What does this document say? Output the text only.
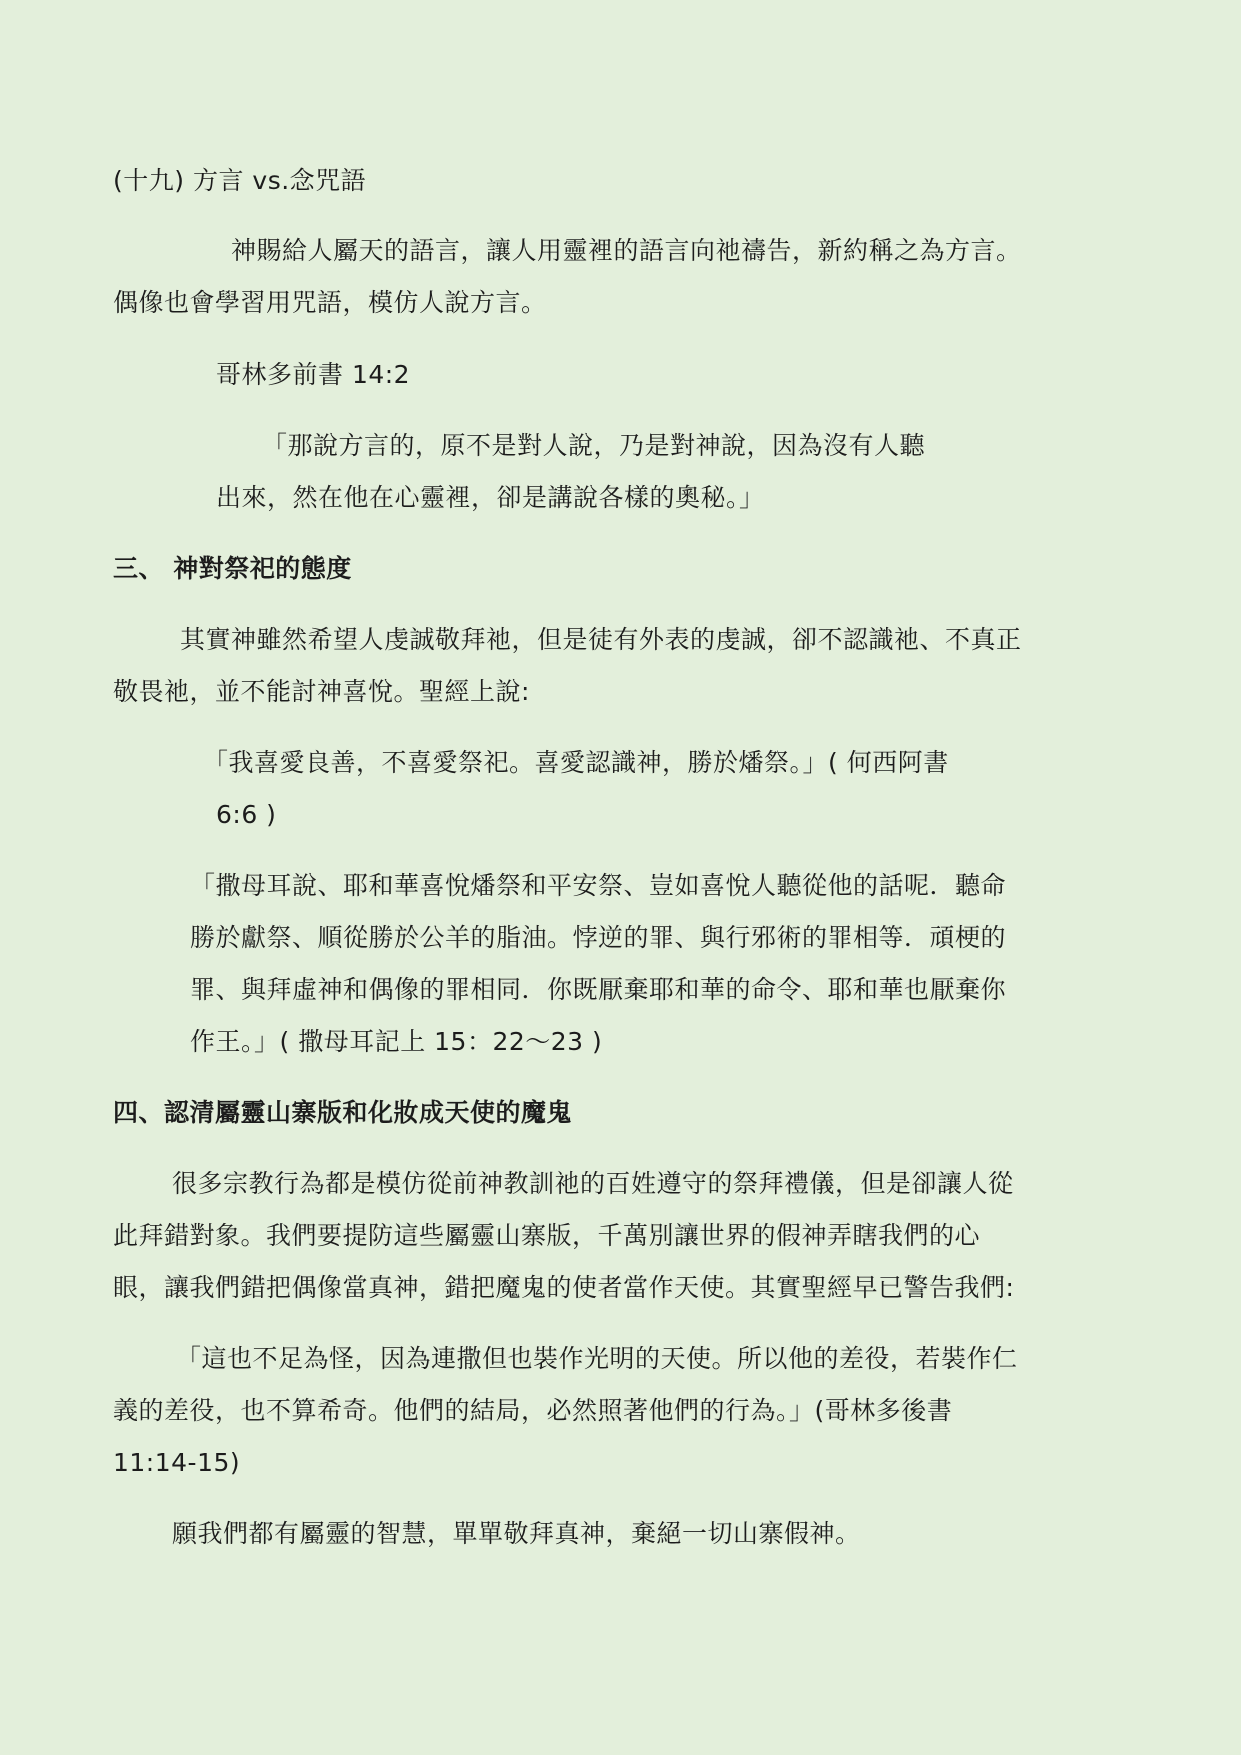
(十九) 方言 vs.念咒語

神賜給人屬天的語言，讓人用靈裡的語言向祂禱告，新約稱之為方言。

偶像也會學習用咒語，模仿人說方言。

哥林多前書 14:2

「那說方言的，原不是對人說，乃是對神說，因為沒有人聽

出來，然在他在心靈裡，卻是講說各樣的奧秘。」

三、 神對祭祀的態度

其實神雖然希望人虔誠敬拜祂，但是徒有外表的虔誠，卻不認識祂、不真正

敬畏祂，並不能討神喜悅。聖經上說:

「我喜愛良善，不喜愛祭祀。喜愛認識神，勝於燔祭。」( 何西阿書

6:6 )

「撒母耳說、耶和華喜悅燔祭和平安祭、豈如喜悅人聽從他的話呢．聽命

勝於獻祭、順從勝於公羊的脂油。悖逆的罪、與行邪術的罪相等．頑梗的

罪、與拜虛神和偶像的罪相同．你既厭棄耶和華的命令、耶和華也厭棄你

作王。」( 撒母耳記上 15：22～23 )

四、認清屬靈山寨版和化妝成天使的魔鬼

很多宗教行為都是模仿從前神教訓祂的百姓遵守的祭拜禮儀，但是卻讓人從

此拜錯對象。我們要提防這些屬靈山寨版，千萬別讓世界的假神弄瞎我們的心

眼，讓我們錯把偶像當真神，錯把魔鬼的使者當作天使。其實聖經早已警告我們:

「這也不足為怪，因為連撒但也裝作光明的天使。所以他的差役，若裝作仁

義的差役，也不算希奇。他們的結局，必然照著他們的行為。」(哥林多後書

11:14-15)

願我們都有屬靈的智慧，單單敬拜真神，棄絕一切山寨假神。
